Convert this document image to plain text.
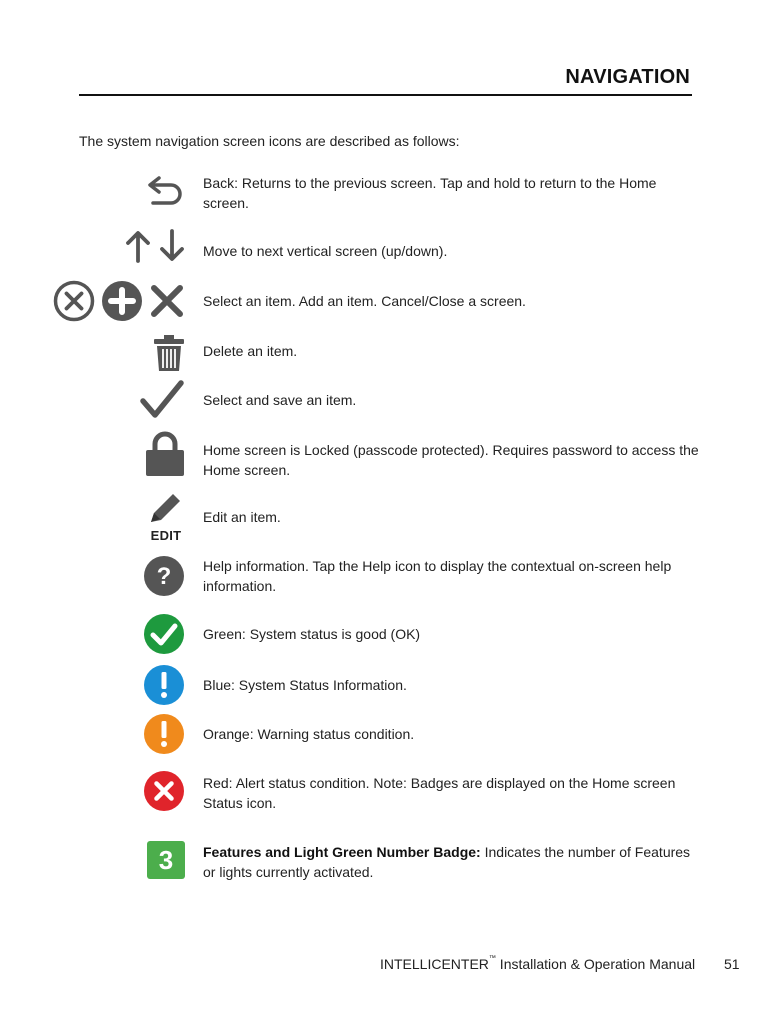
NAVIGATION
The system navigation screen icons are described as follows:
Back: Returns to the previous screen. Tap and hold to return to the Home screen.
Move to next vertical screen (up/down).
Select an item. Add an item. Cancel/Close a screen.
Delete an item.
Select and save an item.
Home screen is Locked (passcode protected). Requires password to access the Home screen.
EDIT
Edit an item.
? Help information. Tap the Help icon to display the contextual on-screen help information.
Green: System status is good (OK)
Blue: System Status Information.
Orange: Warning status condition.
Red: Alert status condition. Note: Badges are displayed on the Home screen Status icon.
3 Features and Light Green Number Badge: Indicates the number of Features or lights currently activated.
INTELLICENTER™ Installation & Operation Manual 51
